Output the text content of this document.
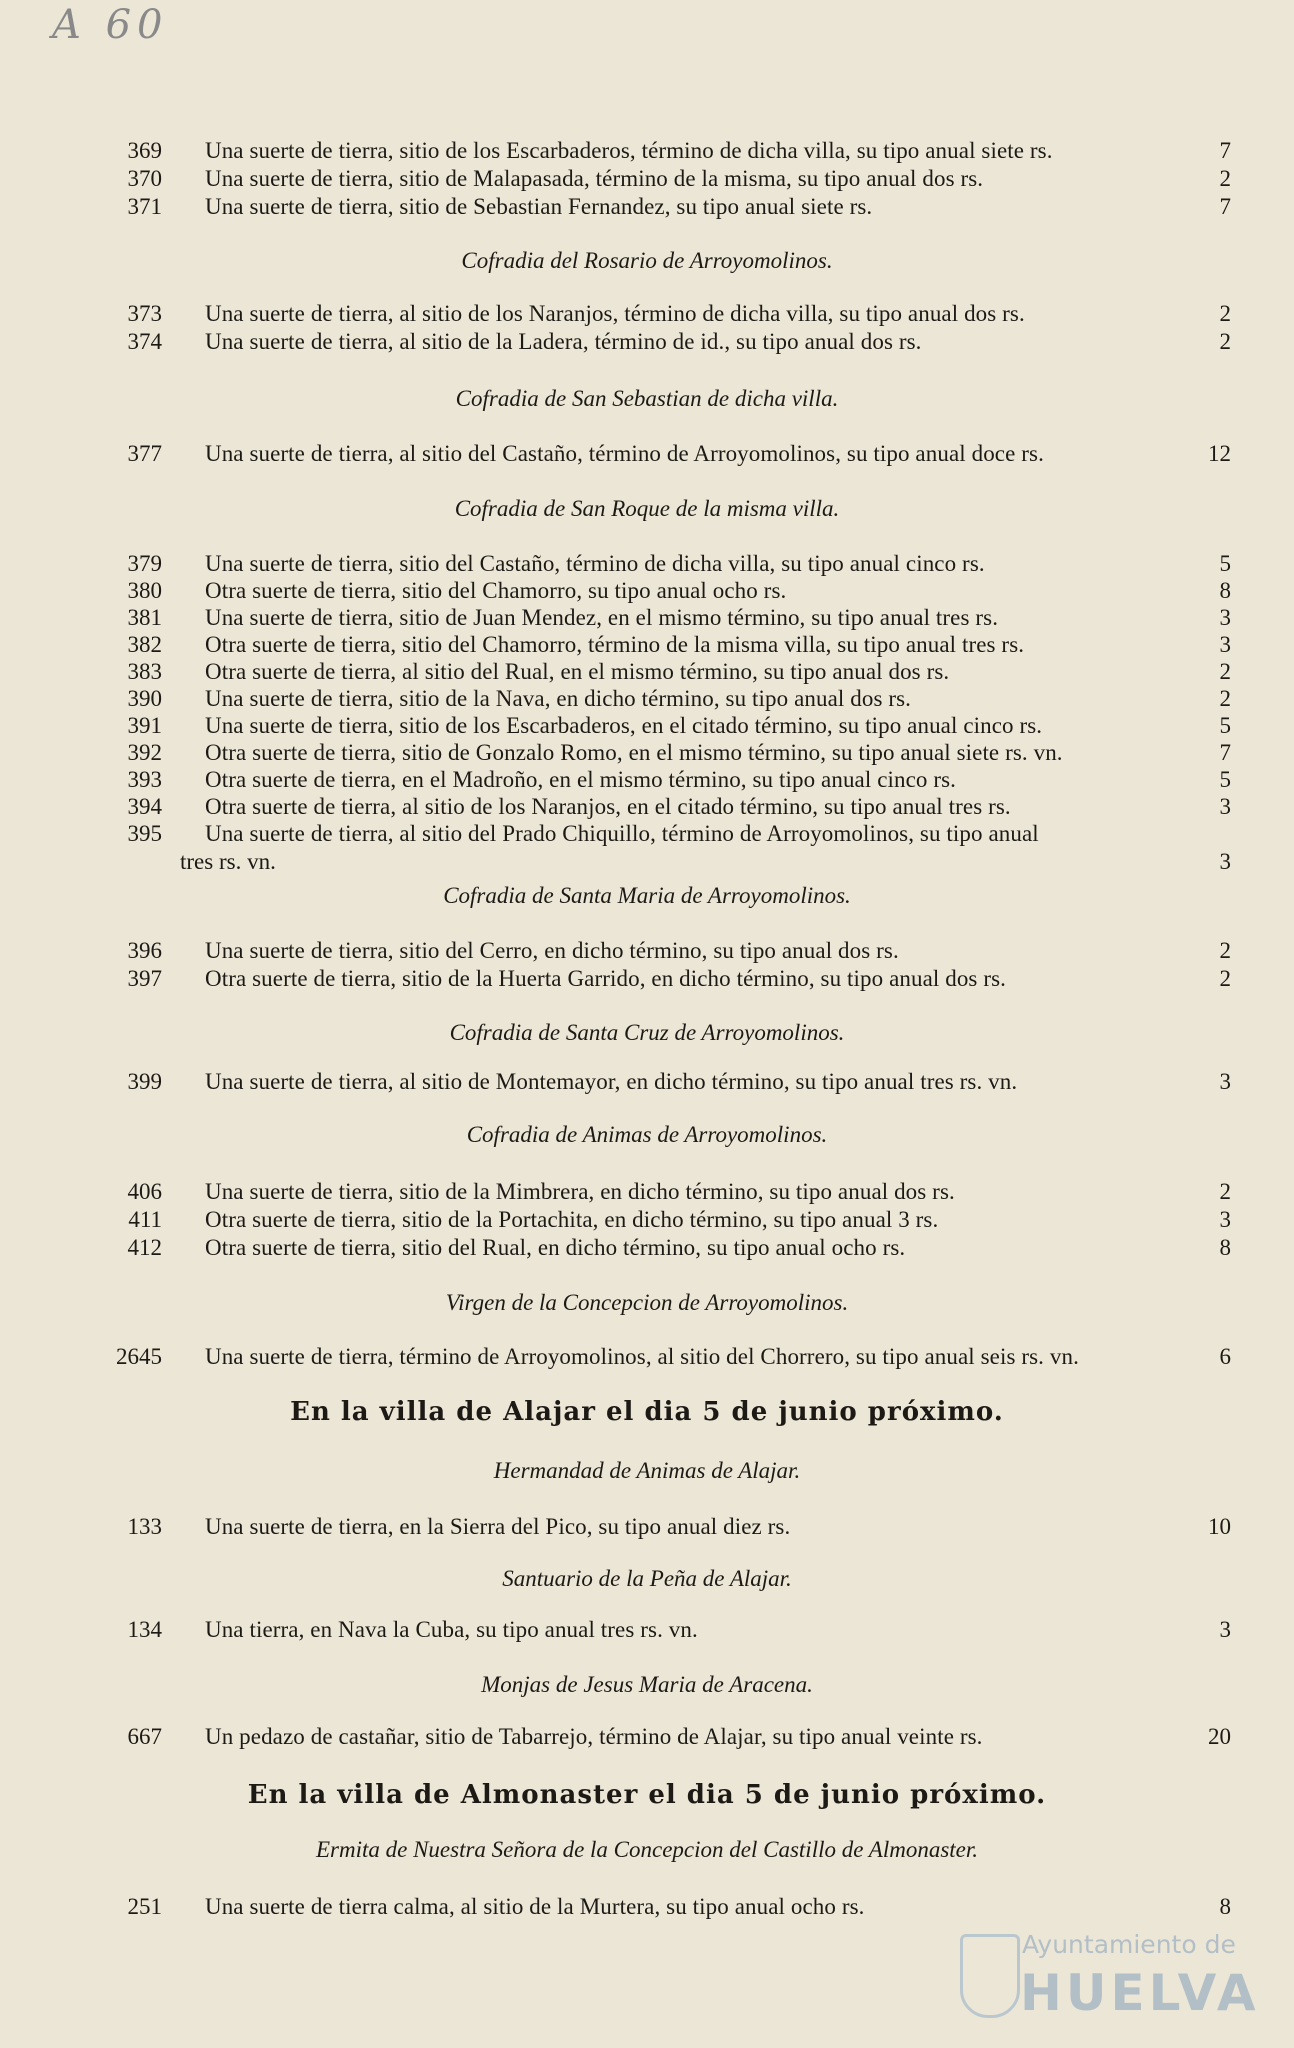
A 60
369 Una suerte de tierra, sitio de los Escarbaderos, término de dicha villa, su tipo anual siete rs.	7
370 Una suerte de tierra, sitio de Malapasada, término de la misma, su tipo anual dos rs.	2
371 Una suerte de tierra, sitio de Sebastian Fernandez, su tipo anual siete rs.	7
Cofradia del Rosario de Arroyomolinos.
373 Una suerte de tierra, al sitio de los Naranjos, término de dicha villa, su tipo anual dos rs.	2
374 Una suerte de tierra, al sitio de la Ladera, término de id., su tipo anual dos rs.	2
Cofradia de San Sebastian de dicha villa.
377 Una suerte de tierra, al sitio del Castaño, término de Arroyomolinos, su tipo anual doce rs.	12
Cofradia de San Roque de la misma villa.
379 Una suerte de tierra, sitio del Castaño, término de dicha villa, su tipo anual cinco rs.	5
380 Otra suerte de tierra, sitio del Chamorro, su tipo anual ocho rs.	8
381 Una suerte de tierra, sitio de Juan Mendez, en el mismo término, su tipo anual tres rs.	3
382 Otra suerte de tierra, sitio del Chamorro, término de la misma villa, su tipo anual tres rs.	3
383 Otra suerte de tierra, al sitio del Rual, en el mismo término, su tipo anual dos rs.	2
390 Una suerte de tierra, sitio de la Nava, en dicho término, su tipo anual dos rs.	2
391 Una suerte de tierra, sitio de los Escarbaderos, en el citado término, su tipo anual cinco rs.	5
392 Otra suerte de tierra, sitio de Gonzalo Romo, en el mismo término, su tipo anual siete rs. vn.	7
393 Otra suerte de tierra, en el Madroño, en el mismo término, su tipo anual cinco rs.	5
394 Otra suerte de tierra, al sitio de los Naranjos, en el citado término, su tipo anual tres rs.	3
395 Una suerte de tierra, al sitio del Prado Chiquillo, término de Arroyomolinos, su tipo anual
tres rs. vn.	3
Cofradia de Santa Maria de Arroyomolinos.
396 Una suerte de tierra, sitio del Cerro, en dicho término, su tipo anual dos rs.	2
397 Otra suerte de tierra, sitio de la Huerta Garrido, en dicho término, su tipo anual dos rs.	2
Cofradia de Santa Cruz de Arroyomolinos.
399 Una suerte de tierra, al sitio de Montemayor, en dicho término, su tipo anual tres rs. vn.	3
Cofradia de Animas de Arroyomolinos.
406 Una suerte de tierra, sitio de la Mimbrera, en dicho término, su tipo anual dos rs.	2
411 Otra suerte de tierra, sitio de la Portachita, en dicho término, su tipo anual 3 rs.	3
412 Otra suerte de tierra, sitio del Rual, en dicho término, su tipo anual ocho rs.	8
Virgen de la Concepcion de Arroyomolinos.
2645 Una suerte de tierra, término de Arroyomolinos, al sitio del Chorrero, su tipo anual seis rs. vn.	6
En la villa de Alajar el dia 5 de junio próximo.
Hermandad de Animas de Alajar.
133 Una suerte de tierra, en la Sierra del Pico, su tipo anual diez rs.	10
Santuario de la Peña de Alajar.
134 Una tierra, en Nava la Cuba, su tipo anual tres rs. vn.	3
Monjas de Jesus Maria de Aracena.
667 Un pedazo de castañar, sitio de Tabarrejo, término de Alajar, su tipo anual veinte rs.	20
En la villa de Almonaster el dia 5 de junio próximo.
Ermita de Nuestra Señora de la Concepcion del Castillo de Almonaster.
251 Una suerte de tierra calma, al sitio de la Murtera, su tipo anual ocho rs.	8
Ayuntamiento de
HUELVA
